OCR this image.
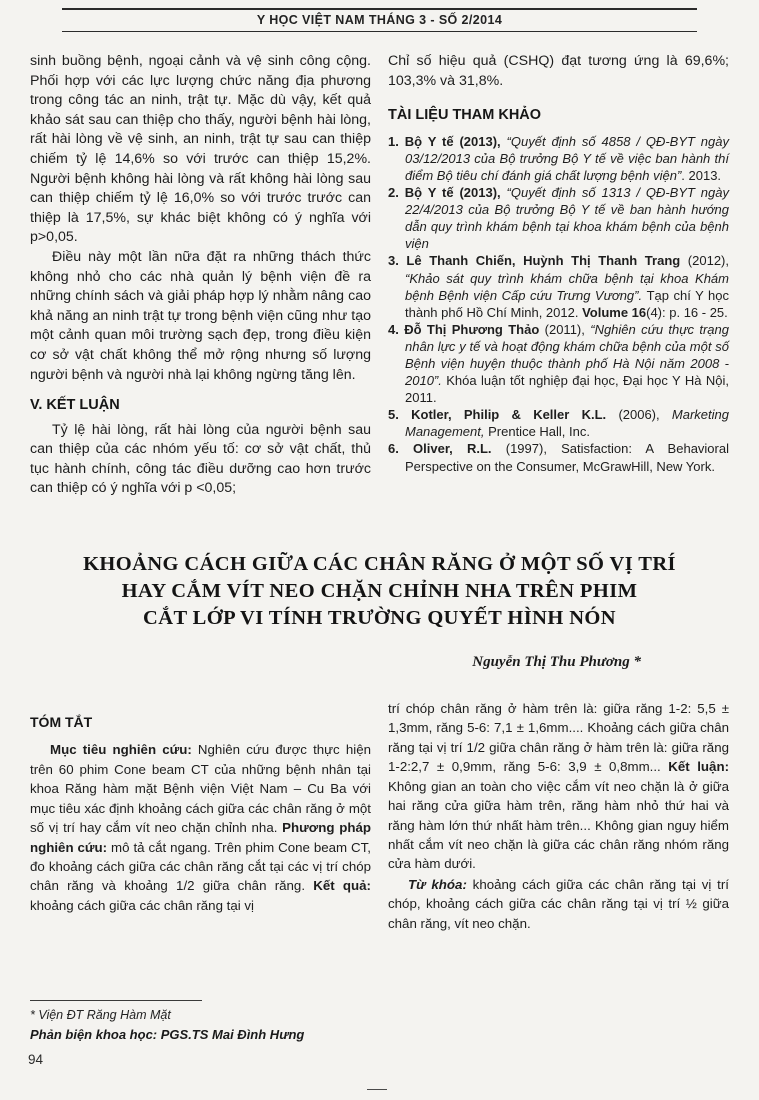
Y HỌC VIỆT NAM THÁNG 3 - SỐ 2/2014

sinh buồng bệnh, ngoại cảnh và vệ sinh công cộng. Phối hợp với các lực lượng chức năng địa phương trong công tác an ninh, trật tự. Mặc dù vậy, kết quả khảo sát sau can thiệp cho thấy, người bệnh hài lòng, rất hài lòng về vệ sinh, an ninh, trật tự sau can thiệp chiếm tỷ lệ 14,6% so với trước can thiệp 15,2%. Người bệnh không hài lòng và rất không hài lòng sau can thiệp chiếm tỷ lệ 16,0% so với trước trước can thiệp là 17,5%, sự khác biệt không có ý nghĩa với p>0,05.

Điều này một lần nữa đặt ra những thách thức không nhỏ cho các nhà quản lý bệnh viện đề ra những chính sách và giải pháp hợp lý nhằm nâng cao khả năng an ninh trật tự trong bệnh viện cũng như tạo một cảnh quan môi trường sạch đẹp, trong điều kiện cơ sở vật chất không thể mở rộng nhưng số lượng người bệnh và người nhà lại không ngừng tăng lên.

V. KẾT LUẬN

Tỷ lệ hài lòng, rất hài lòng của người bệnh sau can thiệp của các nhóm yếu tố: cơ sở vật chất, thủ tục hành chính, công tác điều dưỡng cao hơn trước can thiệp có ý nghĩa với p <0,05;

Chỉ số hiệu quả (CSHQ) đạt tương ứng là 69,6%; 103,3% và 31,8%.

TÀI LIỆU THAM KHẢO

1. Bộ Y tế (2013), “Quyết định số 4858 / QĐ-BYT ngày 03/12/2013 của Bộ trưởng Bộ Y tế về việc ban hành thí điểm Bộ tiêu chí đánh giá chất lượng bệnh viện”. 2013.

2. Bộ Y tế (2013), “Quyết định số 1313 / QĐ-BYT ngày 22/4/2013 của Bộ trưởng Bộ Y tế về ban hành hướng dẫn quy trình khám bệnh tại khoa khám bệnh của bệnh viện

3. Lê Thanh Chiến, Huỳnh Thị Thanh Trang (2012), “Khảo sát quy trình khám chữa bệnh tại khoa Khám bệnh Bệnh viện Cấp cứu Trưng Vương”. Tạp chí Y học thành phố Hồ Chí Minh, 2012. Volume 16(4): p. 16 - 25.

4. Đỗ Thị Phương Thảo (2011), “Nghiên cứu thực trạng nhân lực y tế và hoạt động khám chữa bệnh của một số Bệnh viện huyện thuộc thành phố Hà Nội năm 2008 - 2010”. Khóa luận tốt nghiệp đại học, Đại học Y Hà Nội, 2011.

5. Kotler, Philip & Keller K.L. (2006), Marketing Management, Prentice Hall, Inc.

6. Oliver, R.L. (1997), Satisfaction: A Behavioral Perspective on the Consumer, McGrawHill, New York.

KHOẢNG CÁCH GIỮA CÁC CHÂN RĂNG Ở MỘT SỐ VỊ TRÍ
HAY CẮM VÍT NEO CHẶN CHỈNH NHA TRÊN PHIM
CẮT LỚP VI TÍNH TRƯỜNG QUYẾT HÌNH NÓN
Nguyễn Thị Thu Phương *
TÓM TẮT

Mục tiêu nghiên cứu: Nghiên cứu được thực hiện trên 60 phim Cone beam CT của những bệnh nhân tại khoa Răng hàm mặt Bệnh viện Việt Nam – Cu Ba với mục tiêu xác định khoảng cách giữa các chân răng ở một số vị trí hay cắm vít neo chặn chỉnh nha. Phương pháp nghiên cứu: mô tả cắt ngang. Trên phim Cone beam CT, đo khoảng cách giữa các chân răng cắt tại các vị trí chóp chân răng và khoảng 1/2 giữa chân răng. Kết quả: khoảng cách giữa các chân răng tại vị

trí chóp chân răng ở hàm trên là: giữa răng 1-2: 5,5 ± 1,3mm, răng 5-6: 7,1 ± 1,6mm.... Khoảng cách giữa chân răng tại vị trí 1/2 giữa chân răng ở hàm trên là: giữa răng 1-2:2,7 ± 0,9mm, răng 5-6: 3,9 ± 0,8mm... Kết luận: Không gian an toàn cho việc cắm vít neo chặn là ở giữa hai răng cửa giữa hàm trên, răng hàm nhỏ thứ hai và răng hàm lớn thứ nhất hàm trên... Không gian nguy hiểm nhất cắm vít neo chặn là giữa các chân răng nhóm răng cửa hàm dưới.

Từ khóa: khoảng cách giữa các chân răng tại vị trí chóp, khoảng cách giữa các chân răng tại vị trí ½ giữa chân răng, vít neo chặn.

* Viện ĐT Răng Hàm Mặt
Phản biện khoa học: PGS.TS Mai Đình Hưng
94
